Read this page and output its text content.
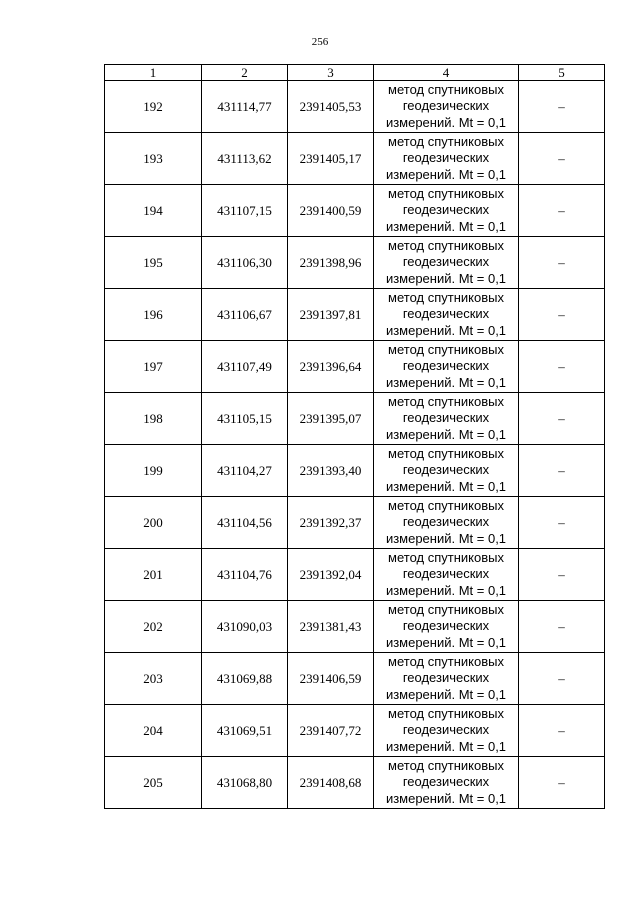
256
1	2	3	4	5
192	431114,77	2391405,53	метод спутниковых
геодезических
измерений. Mt = 0,1	–
193	431113,62	2391405,17	метод спутниковых
геодезических
измерений. Mt = 0,1	–
194	431107,15	2391400,59	метод спутниковых
геодезических
измерений. Mt = 0,1	–
195	431106,30	2391398,96	метод спутниковых
геодезических
измерений. Mt = 0,1	–
196	431106,67	2391397,81	метод спутниковых
геодезических
измерений. Mt = 0,1	–
197	431107,49	2391396,64	метод спутниковых
геодезических
измерений. Mt = 0,1	–
198	431105,15	2391395,07	метод спутниковых
геодезических
измерений. Mt = 0,1	–
199	431104,27	2391393,40	метод спутниковых
геодезических
измерений. Mt = 0,1	–
200	431104,56	2391392,37	метод спутниковых
геодезических
измерений. Mt = 0,1	–
201	431104,76	2391392,04	метод спутниковых
геодезических
измерений. Mt = 0,1	–
202	431090,03	2391381,43	метод спутниковых
геодезических
измерений. Mt = 0,1	–
203	431069,88	2391406,59	метод спутниковых
геодезических
измерений. Mt = 0,1	–
204	431069,51	2391407,72	метод спутниковых
геодезических
измерений. Mt = 0,1	–
205	431068,80	2391408,68	метод спутниковых
геодезических
измерений. Mt = 0,1	–
